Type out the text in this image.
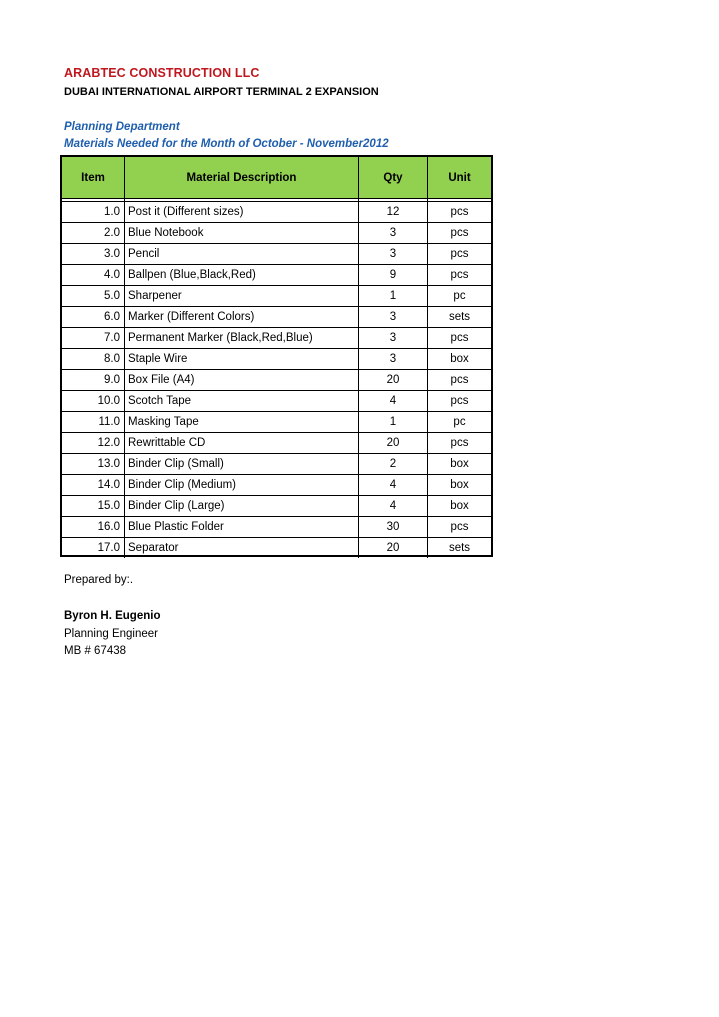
ARABTEC CONSTRUCTION LLC
DUBAI INTERNATIONAL AIRPORT TERMINAL 2 EXPANSION
Planning Department
Materials Needed for the Month of October - November2012
Item	Material Description	Qty	Unit
1.0 Post it (Different sizes)	12	pcs
2.0 Blue Notebook	3	pcs
3.0 Pencil	3	pcs
4.0 Ballpen (Blue,Black,Red)	9	pcs
5.0 Sharpener	1	pc
6.0 Marker (Different Colors)	3	sets
7.0 Permanent Marker (Black,Red,Blue)	3	pcs
8.0 Staple Wire	3	box
9.0 Box File (A4)	20	pcs
10.0 Scotch Tape	4	pcs
11.0 Masking Tape	1	pc
12.0 Rewrittable CD	20	pcs
13.0 Binder Clip (Small)	2	box
14.0 Binder Clip (Medium)	4	box
15.0 Binder Clip (Large)	4	box
16.0 Blue Plastic Folder	30	pcs
17.0 Separator	20	sets
Prepared by:.
Byron H. Eugenio
Planning Engineer
MB # 67438
